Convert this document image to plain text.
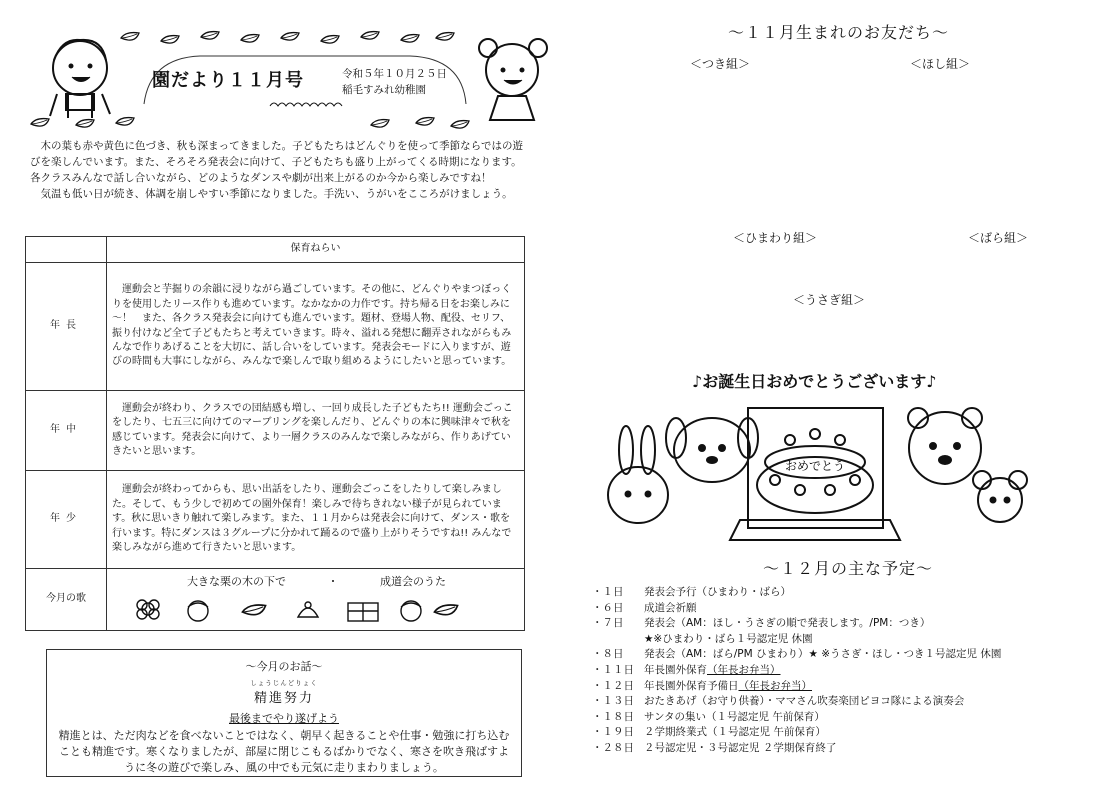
園だより１１月号	令和５年１０月２５日
稲毛すみれ幼稚園

木の葉も赤や黄色に色づき、秋も深まってきました。子どもたちはどんぐりを使って季節ならではの遊びを楽しんでいます。また、そろそろ発表会に向けて、子どもたちも盛り上がってくる時期になります。各クラスみんなで話し合いながら、どのようなダンスや劇が出来上がるのか今から楽しみですね！

気温も低い日が続き、体調を崩しやすい季節になりました。手洗い、うがいをこころがけましょう。

	保育ねらい
年長	運動会と芋掘りの余韻に浸りながら過ごしています。その他に、どんぐりやまつぼっくりを使用したリース作りも進めています。なかなかの力作です。持ち帰る日をお楽しみに～！　また、各クラス発表会に向けても進んでいます。題材、登場人物、配役、セリフ、振り付けなど全て子どもたちと考えていきます。時々、溢れる発想に翻弄されながらもみんなで作りあげることを大切に、話し合いをしています。発表会モードに入りますが、遊びの時間も大事にしながら、みんなで楽しんで取り組めるようにしたいと思っています。
年中	運動会が終わり、クラスでの団結感も増し、一回り成長した子どもたち!! 運動会ごっこをしたり、七五三に向けてのマーブリングを楽しんだり、どんぐりの本に興味津々で秋を感じています。発表会に向けて、より一層クラスのみんなで楽しみながら、作りあげていきたいと思います。
年少	運動会が終わってからも、思い出話をしたり、運動会ごっこをしたりして楽しみました。そして、もう少しで初めての園外保育！楽しみで待ちきれない様子が見られています。秋に思いきり触れて楽しみます。また、１１月からは発表会に向けて、ダンス・歌を行います。特にダンスは３グループに分かれて踊るので盛り上がりそうですね!! みんなで楽しみながら進めて行きたいと思います。
今月の歌	大きな栗の木の下で ・ 成道会のうた
～今月のお話～
しょうじんどりょく
精進努力
最後までやり遂げよう
精進とは、ただ肉などを食べないことではなく、朝早く起きることや仕事・勉強に打ち込むことも精進です。寒くなりましたが、部屋に閉じこもるばかりでなく、寒さを吹き飛ばすように冬の遊びで楽しみ、風の中でも元気に走りまわりましょう。
～１１月生まれのお友だち～
＜つき組＞	＜ほし組＞
＜ひまわり組＞	＜ばら組＞
＜うさぎ組＞
♪お誕生日おめでとうございます♪
おめでとう
～１２月の主な予定～
・１日	発表会予行（ひまわり・ばら）
・６日	成道会祈願
・７日	発表会（AM：ほし・うさぎの順で発表します。/PM：つき）
★※ひまわり・ばら１号認定児 休園
・８日	発表会（AM：ばら/PM ひまわり）★ ※うさぎ・ほし・つき１号認定児 休園
・１１日 年長園外保育 （年長お弁当）
・１２日 年長園外保育予備日 （年長お弁当）
・１３日 おたきあげ（お守り供養）・ママさん吹奏楽団ピヨコ隊による演奏会
・１８日 サンタの集い（１号認定児 午前保育）
・１９日 ２学期終業式（１号認定児 午前保育）
・２８日 ２号認定児・３号認定児 ２学期保育終了
